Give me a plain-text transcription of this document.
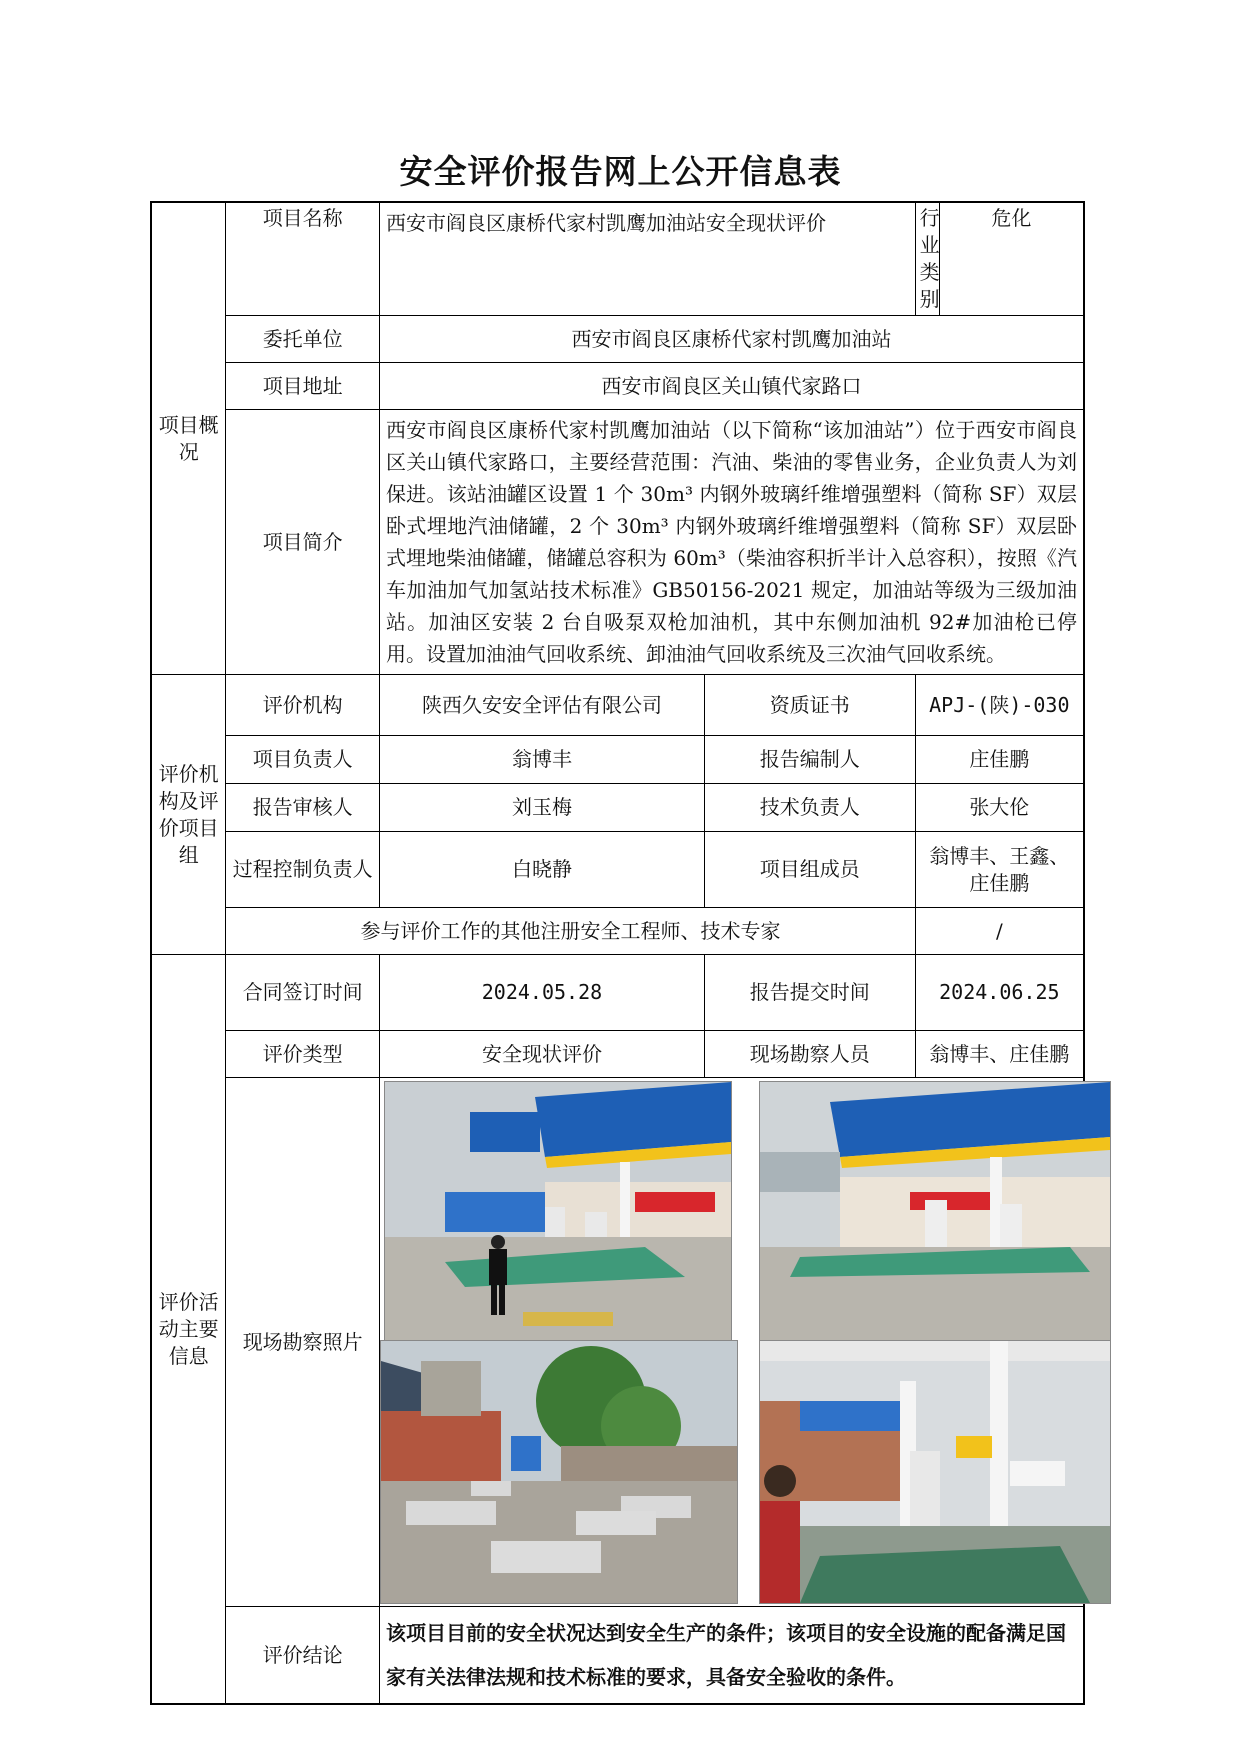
安全评价报告网上公开信息表
项目概况	项目名称	西安市阎良区康桥代家村凯鹰加油站安全现状评价		行业类别	危化
	委托单位	西安市阎良区康桥代家村凯鹰加油站			
	项目地址	西安市阎良区关山镇代家路口			
	项目简介	西安市阎良区康桥代家村凯鹰加油站（以下简称“该加油站”）位于西安市阎良区关山镇代家路口，主要经营范围：汽油、柴油的零售业务，企业负责人为刘保进。该站油罐区设置 1 个 30m³ 内钢外玻璃纤维增强塑料（简称 SF）双层卧式埋地汽油储罐，2 个 30m³ 内钢外玻璃纤维增强塑料（简称 SF）双层卧式埋地柴油储罐，储罐总容积为 60m³（柴油容积折半计入总容积），按照《汽车加油加气加氢站技术标准》GB50156-2021 规定，加油站等级为三级加油站。加油区安装 2 台自吸泵双枪加油机，其中东侧加油机 92#加油枪已停用。设置加油油气回收系统、卸油油气回收系统及三次油气回收系统。			
评价机构及评价项目组	评价机构	陕西久安安全评估有限公司	资质证书	APJ-(陕)-030	
	项目负责人	翁博丰	报告编制人	庄佳鹏	
	报告审核人	刘玉梅	技术负责人	张大伦	
	过程控制负责人	白晓静	项目组成员	翁博丰、王鑫、庄佳鹏	
	参与评价工作的其他注册安全工程师、技术专家			/	
评价活动主要信息	合同签订时间	2024.05.28	报告提交时间	2024.06.25	
	评价类型	安全现状评价	现场勘察人员	翁博丰、庄佳鹏	
	现场勘察照片	

	评价结论	该项目目前的安全状况达到安全生产的条件；该项目的安全设施的配备满足国家有关法律法规和技术标准的要求，具备安全验收的条件。			
